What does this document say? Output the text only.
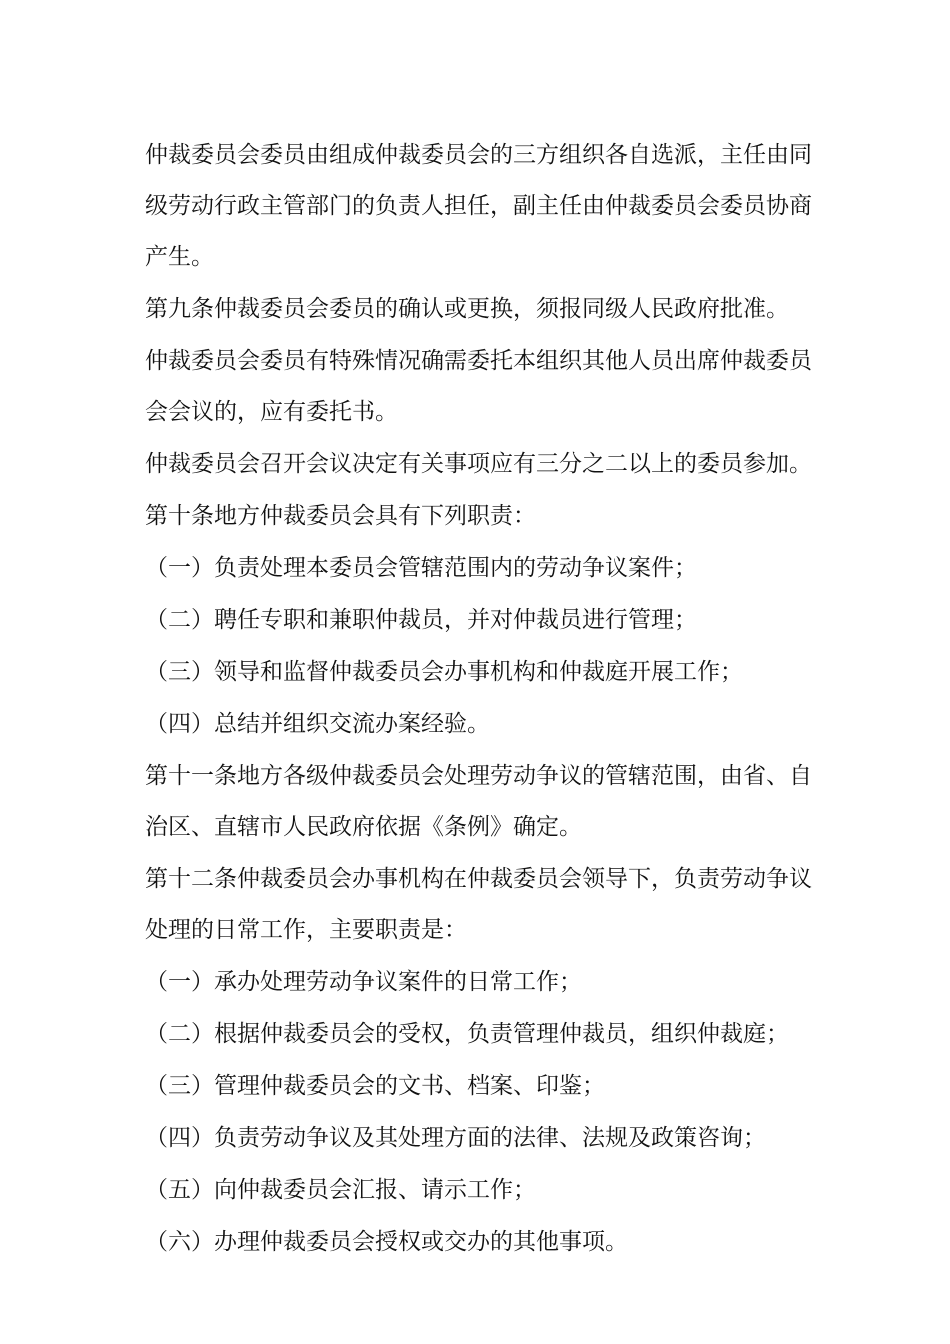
仲裁委员会委员由组成仲裁委员会的三方组织各自选派，主任由同级劳动行政主管部门的负责人担任，副主任由仲裁委员会委员协商产生。

第九条仲裁委员会委员的确认或更换，须报同级人民政府批准。

仲裁委员会委员有特殊情况确需委托本组织其他人员出席仲裁委员会会议的，应有委托书。

仲裁委员会召开会议决定有关事项应有三分之二以上的委员参加。

第十条地方仲裁委员会具有下列职责：

（一）负责处理本委员会管辖范围内的劳动争议案件；

（二）聘任专职和兼职仲裁员，并对仲裁员进行管理；

（三）领导和监督仲裁委员会办事机构和仲裁庭开展工作；

（四）总结并组织交流办案经验。

第十一条地方各级仲裁委员会处理劳动争议的管辖范围，由省、自治区、直辖市人民政府依据《条例》确定。

第十二条仲裁委员会办事机构在仲裁委员会领导下，负责劳动争议处理的日常工作，主要职责是：

（一）承办处理劳动争议案件的日常工作；

（二）根据仲裁委员会的受权，负责管理仲裁员，组织仲裁庭；

（三）管理仲裁委员会的文书、档案、印鉴；

（四）负责劳动争议及其处理方面的法律、法规及政策咨询；

（五）向仲裁委员会汇报、请示工作；

（六）办理仲裁委员会授权或交办的其他事项。
